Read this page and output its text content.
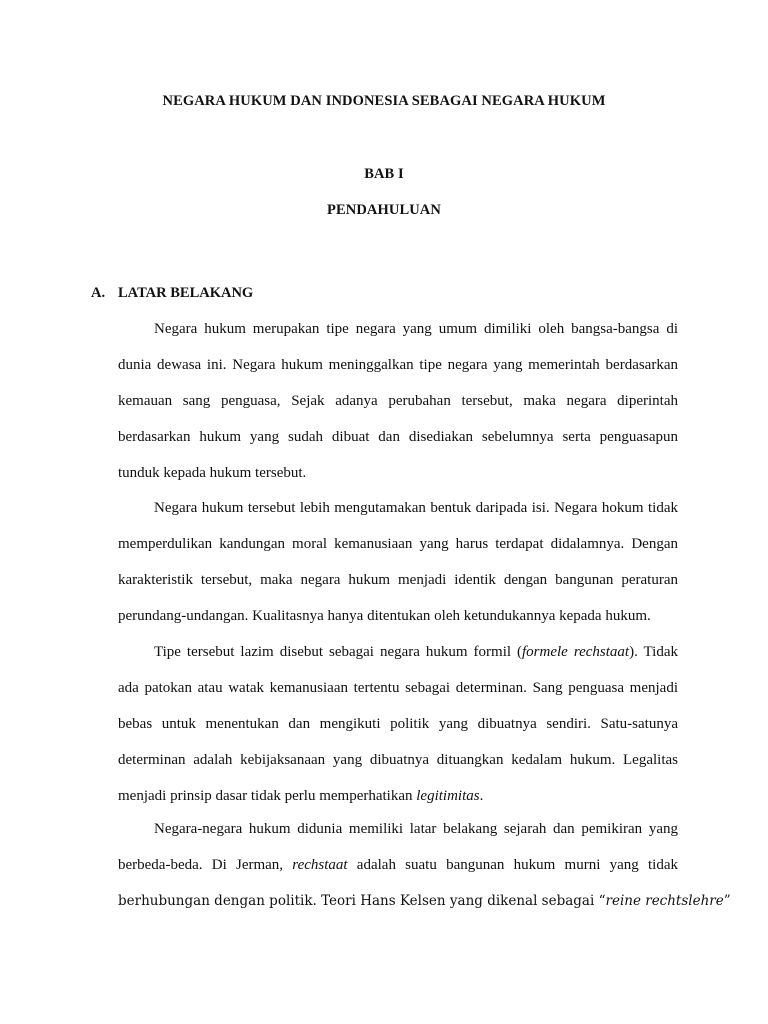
NEGARA HUKUM DAN INDONESIA SEBAGAI NEGARA HUKUM
BAB I
PENDAHULUAN
A. LATAR BELAKANG
Negara hukum merupakan tipe negara yang umum dimiliki oleh bangsa-bangsa di
dunia dewasa ini. Negara hukum meninggalkan tipe negara yang memerintah berdasarkan
kemauan sang penguasa, Sejak adanya perubahan tersebut, maka negara diperintah
berdasarkan hukum yang sudah dibuat dan disediakan sebelumnya serta penguasapun
tunduk kepada hukum tersebut.
Negara hukum tersebut lebih mengutamakan bentuk daripada isi. Negara hokum tidak
memperdulikan kandungan moral kemanusiaan yang harus terdapat didalamnya. Dengan
karakteristik tersebut, maka negara hukum menjadi identik dengan bangunan peraturan
perundang-undangan. Kualitasnya hanya ditentukan oleh ketundukannya kepada hukum.
Tipe tersebut lazim disebut sebagai negara hukum formil (formele rechstaat). Tidak
ada patokan atau watak kemanusiaan tertentu sebagai determinan. Sang penguasa menjadi
bebas untuk menentukan dan mengikuti politik yang dibuatnya sendiri. Satu-satunya
determinan adalah kebijaksanaan yang dibuatnya dituangkan kedalam hukum. Legalitas
menjadi prinsip dasar tidak perlu memperhatikan legitimitas.
Negara-negara hukum didunia memiliki latar belakang sejarah dan pemikiran yang
berbeda-beda. Di Jerman, rechstaat adalah suatu bangunan hukum murni yang tidak
berhubungan dengan politik. Teori Hans Kelsen yang dikenal sebagai “reine rechtslehre”
